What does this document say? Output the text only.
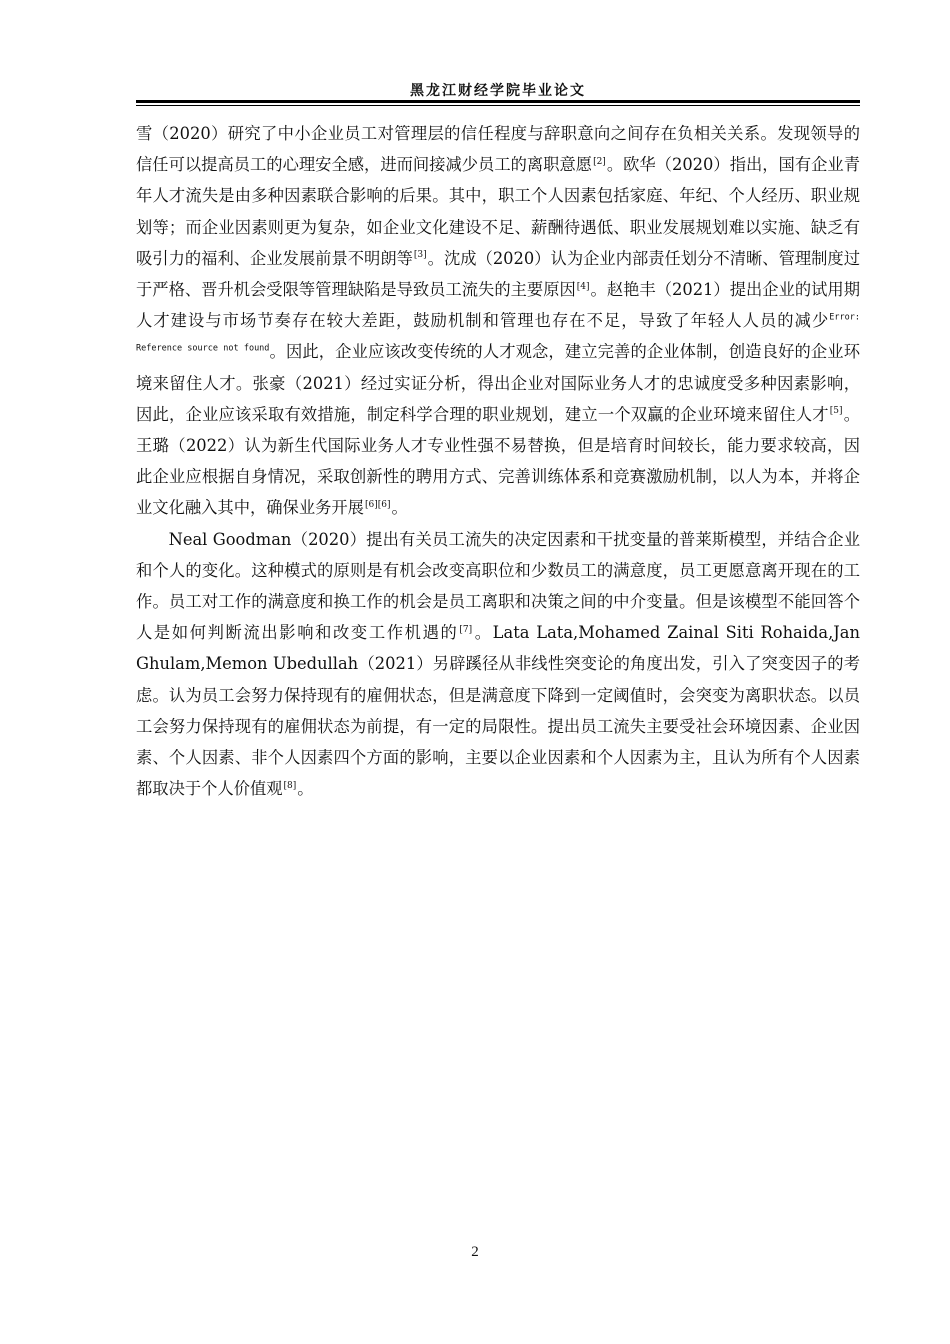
黑龙江财经学院毕业论文

雪（2020）研究了中小企业员工对管理层的信任程度与辞职意向之间存在负相关关系。发现领导的信任可以提高员工的心理安全感，进而间接减少员工的离职意愿[2]。欧华（2020）指出，国有企业青年人才流失是由多种因素联合影响的后果。其中，职工个人因素包括家庭、年纪、个人经历、职业规划等；而企业因素则更为复杂，如企业文化建设不足、薪酬待遇低、职业发展规划难以实施、缺乏有吸引力的福利、企业发展前景不明朗等[3]。沈成（2020）认为企业内部责任划分不清晰、管理制度过于严格、晋升机会受限等管理缺陷是导致员工流失的主要原因[4]。赵艳丰（2021）提出企业的试用期人才建设与市场节奏存在较大差距，鼓励机制和管理也存在不足，导致了年轻人人员的减少$^{Error: Reference source not found}$。因此，企业应该改变传统的人才观念，建立完善的企业体制，创造良好的企业环境来留住人才。张豪（2021）经过实证分析，得出企业对国际业务人才的忠诚度受多种因素影响，因此，企业应该采取有效措施，制定科学合理的职业规划，建立一个双赢的企业环境来留住人才[5]。王璐（2022）认为新生代国际业务人才专业性强不易替换，但是培育时间较长，能力要求较高，因此企业应根据自身情况，采取创新性的聘用方式、完善训练体系和竞赛激励机制，以人为本，并将企业文化融入其中，确保业务开展[6][6]。

Neal Goodman（2020）提出有关员工流失的决定因素和干扰变量的普莱斯模型，并结合企业和个人的变化。这种模式的原则是有机会改变高职位和少数员工的满意度，员工更愿意离开现在的工作。员工对工作的满意度和换工作的机会是员工离职和决策之间的中介变量。但是该模型不能回答个人是如何判断流出影响和改变工作机遇的[7]。Lata Lata,Mohamed Zainal Siti Rohaida,Jan Ghulam,Memon Ubedullah（2021）另辟蹊径从非线性突变论的角度出发，引入了突变因子的考虑。认为员工会努力保持现有的雇佣状态，但是满意度下降到一定阈值时，会突变为离职状态。以员工会努力保持现有的雇佣状态为前提，有一定的局限性。提出员工流失主要受社会环境因素、企业因素、个人因素、非个人因素四个方面的影响，主要以企业因素和个人因素为主，且认为所有个人因素都取决于个人价值观[8]。

2
